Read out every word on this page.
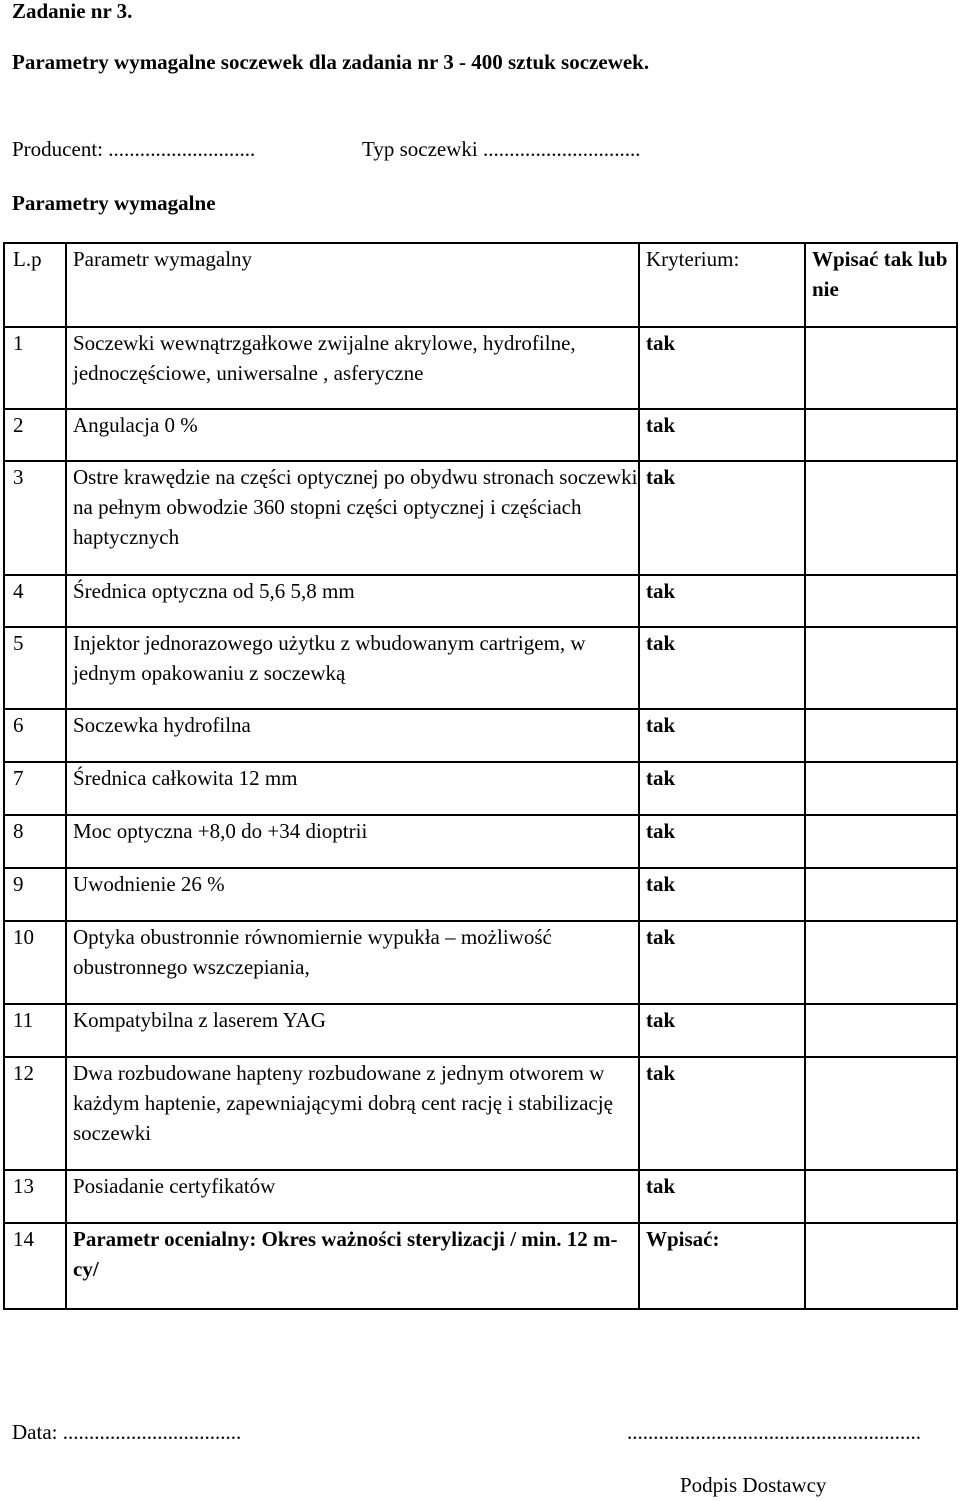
Zadanie nr 3.
Parametry wymagalne soczewek dla zadania nr 3 - 400 sztuk soczewek.
Producent: ............................	Typ soczewki ..............................
Parametry wymagalne
L.p	Parametr wymagalny	Kryterium:	Wpisać tak lub nie
1	Soczewki wewnątrzgałkowe zwijalne akrylowe, hydrofilne, jednoczęściowe, uniwersalne , asferyczne	tak	
2	Angulacja 0 %	tak	
3	Ostre krawędzie na części optycznej po obydwu stronach soczewki na pełnym obwodzie 360 stopni części optycznej i częściach haptycznych	tak	
4	Średnica optyczna od 5,6 5,8 mm	tak	
5	Injektor jednorazowego użytku z wbudowanym cartrigem, w jednym opakowaniu z soczewką	tak	
6	Soczewka hydrofilna	tak	
7	Średnica całkowita 12 mm	tak	
8	Moc optyczna +8,0 do +34 dioptrii	tak	
9	Uwodnienie 26 %	tak	
10	Optyka obustronnie równomiernie wypukła – możliwość obustronnego wszczepiania,	tak	
11	Kompatybilna z laserem YAG	tak	
12	Dwa rozbudowane hapteny rozbudowane z jednym otworem w każdym haptenie, zapewniającymi dobrą cent rację i stabilizację soczewki	tak	
13	Posiadanie certyfikatów	tak	
14	Parametr ocenialny: Okres ważności sterylizacji / min. 12 m-cy/	Wpisać:	
Data: ..................................	........................................................
Podpis Dostawcy
